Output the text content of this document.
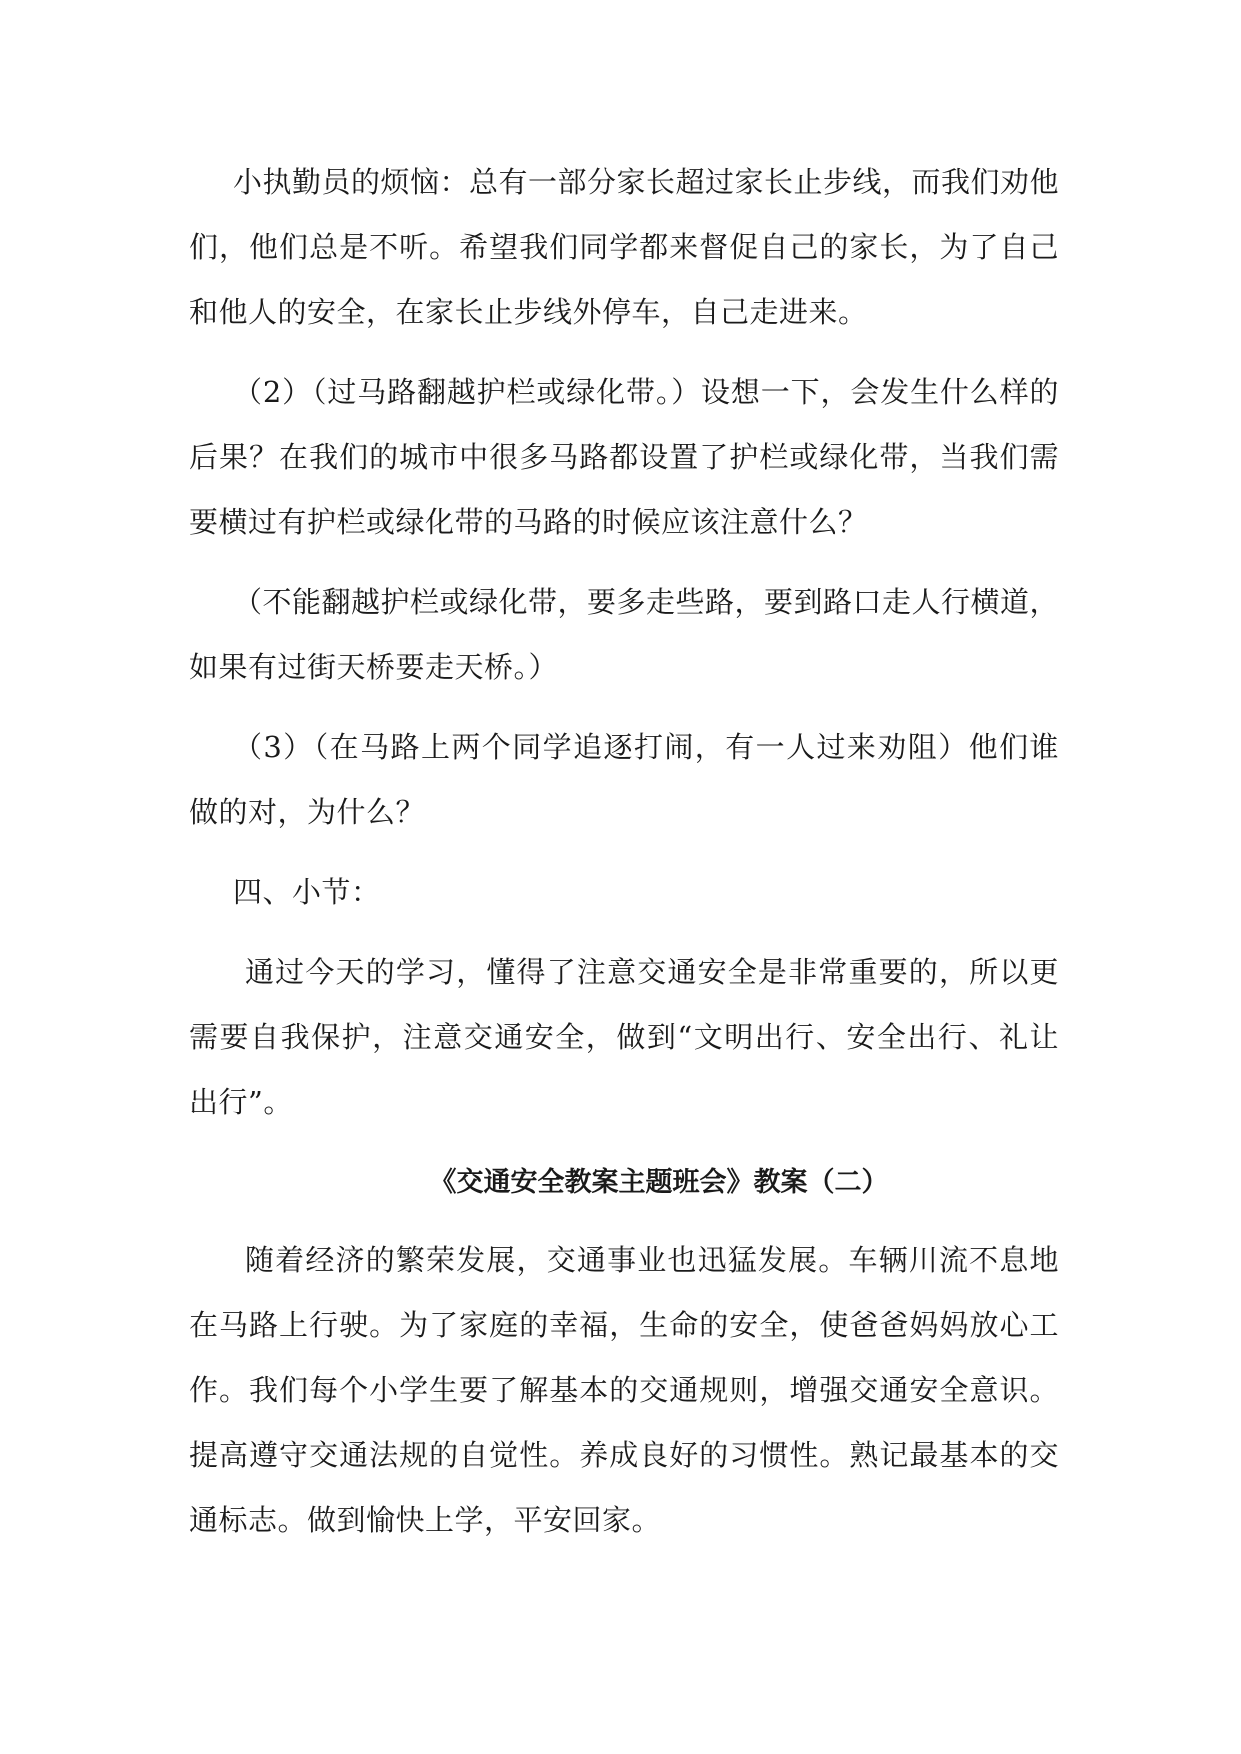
小执勤员的烦恼：总有一部分家长超过家长止步线，而我们劝他们，他们总是不听。希望我们同学都来督促自己的家长，为了自己和他人的安全，在家长止步线外停车，自己走进来。

（2）（过马路翻越护栏或绿化带。）设想一下，会发生什么样的后果？在我们的城市中很多马路都设置了护栏或绿化带，当我们需要横过有护栏或绿化带的马路的时候应该注意什么？

（不能翻越护栏或绿化带，要多走些路，要到路口走人行横道，如果有过街天桥要走天桥。）

（3）（在马路上两个同学追逐打闹，有一人过来劝阻）他们谁做的对，为什么？

四、小节：

通过今天的学习，懂得了注意交通安全是非常重要的，所以更需要自我保护，注意交通安全，做到“文明出行、安全出行、礼让出行”。

《交通安全教案主题班会》教案（二）

随着经济的繁荣发展，交通事业也迅猛发展。车辆川流不息地在马路上行驶。为了家庭的幸福，生命的安全，使爸爸妈妈放心工作。我们每个小学生要了解基本的交通规则，增强交通安全意识。提高遵守交通法规的自觉性。养成良好的习惯性。熟记最基本的交通标志。做到愉快上学，平安回家。
